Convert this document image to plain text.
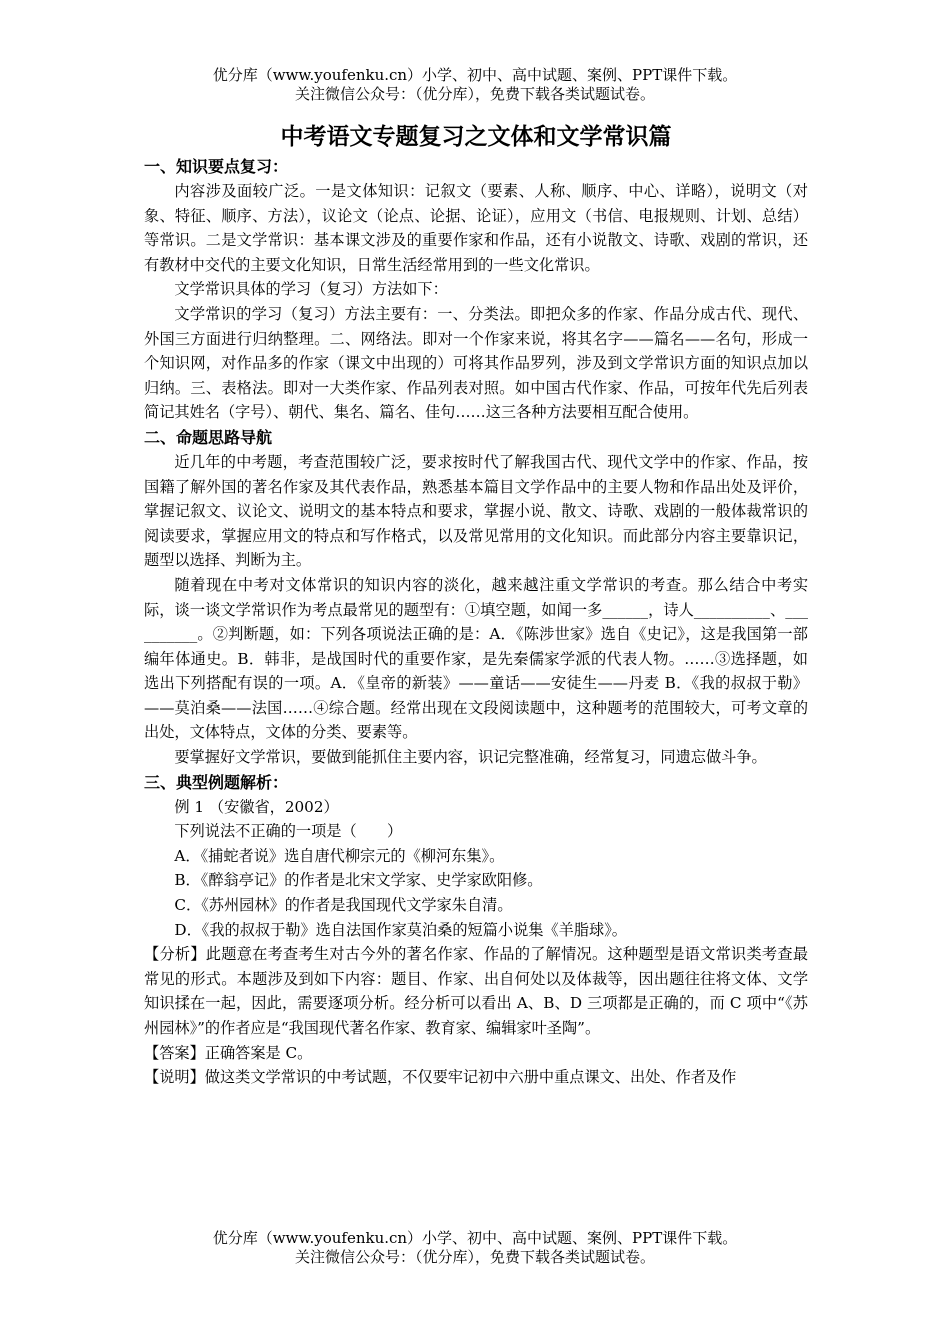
优分库（www.youfenku.cn）小学、初中、高中试题、案例、PPT课件下载。
关注微信公众号：（优分库），免费下载各类试题试卷。
中考语文专题复习之文体和文学常识篇
一、知识要点复习：

内容涉及面较广泛。一是文体知识：记叙文（要素、人称、顺序、中心、详略），说明文（对象、特征、顺序、方法），议论文（论点、论据、论证），应用文（书信、电报规则、计划、总结）等常识。二是文学常识：基本课文涉及的重要作家和作品，还有小说散文、诗歌、戏剧的常识，还有教材中交代的主要文化知识，日常生活经常用到的一些文化常识。

文学常识具体的学习（复习）方法如下：

文学常识的学习（复习）方法主要有：一、分类法。即把众多的作家、作品分成古代、现代、外国三方面进行归纳整理。二、网络法。即对一个作家来说，将其名字——篇名——名句，形成一个知识网，对作品多的作家（课文中出现的）可将其作品罗列，涉及到文学常识方面的知识点加以归纳。三、表格法。即对一大类作家、作品列表对照。如中国古代作家、作品，可按年代先后列表简记其姓名（字号）、朝代、集名、篇名、佳句……这三各种方法要相互配合使用。

二、命题思路导航

近几年的中考题，考查范围较广泛，要求按时代了解我国古代、现代文学中的作家、作品，按国籍了解外国的著名作家及其代表作品，熟悉基本篇目文学作品中的主要人物和作品出处及评价，掌握记叙文、议论文、说明文的基本特点和要求，掌握小说、散文、诗歌、戏剧的一般体裁常识的阅读要求，掌握应用文的特点和写作格式，以及常见常用的文化知识。而此部分内容主要靠识记，题型以选择、判断为主。

随着现在中考对文体常识的知识内容的淡化，越来越注重文学常识的考查。那么结合中考实际，谈一谈文学常识作为考点最常见的题型有：①填空题，如闻一多______，诗人__________、__________。②判断题，如：下列各项说法正确的是：A．《陈涉世家》选自《史记》，这是我国第一部编年体通史。B．韩非，是战国时代的重要作家，是先秦儒家学派的代表人物。……③选择题，如选出下列搭配有误的一项。A．《皇帝的新装》——童话——安徒生——丹麦 B．《我的叔叔于勒》——莫泊桑——法国……④综合题。经常出现在文段阅读题中，这种题考的范围较大，可考文章的出处，文体特点，文体的分类、要素等。

要掌握好文学常识，要做到能抓住主要内容，识记完整准确，经常复习，同遗忘做斗争。

三、典型例题解析：

例 1 （安徽省，2002）

下列说法不正确的一项是（　　）

A．《捕蛇者说》选自唐代柳宗元的《柳河东集》。

B．《醉翁亭记》的作者是北宋文学家、史学家欧阳修。

C．《苏州园林》的作者是我国现代文学家朱自清。

D．《我的叔叔于勒》选自法国作家莫泊桑的短篇小说集《羊脂球》。

【分析】此题意在考查考生对古今外的著名作家、作品的了解情况。这种题型是语文常识类考查最常见的形式。本题涉及到如下内容：题目、作家、出自何处以及体裁等，因出题往往将文体、文学知识揉在一起，因此，需要逐项分析。经分析可以看出 A、B、D 三项都是正确的，而 C 项中“《苏州园林》”的作者应是“我国现代著名作家、教育家、编辑家叶圣陶”。

【答案】正确答案是 C。

【说明】做这类文学常识的中考试题，不仅要牢记初中六册中重点课文、出处、作者及作

优分库（www.youfenku.cn）小学、初中、高中试题、案例、PPT课件下载。
关注微信公众号：（优分库），免费下载各类试题试卷。
